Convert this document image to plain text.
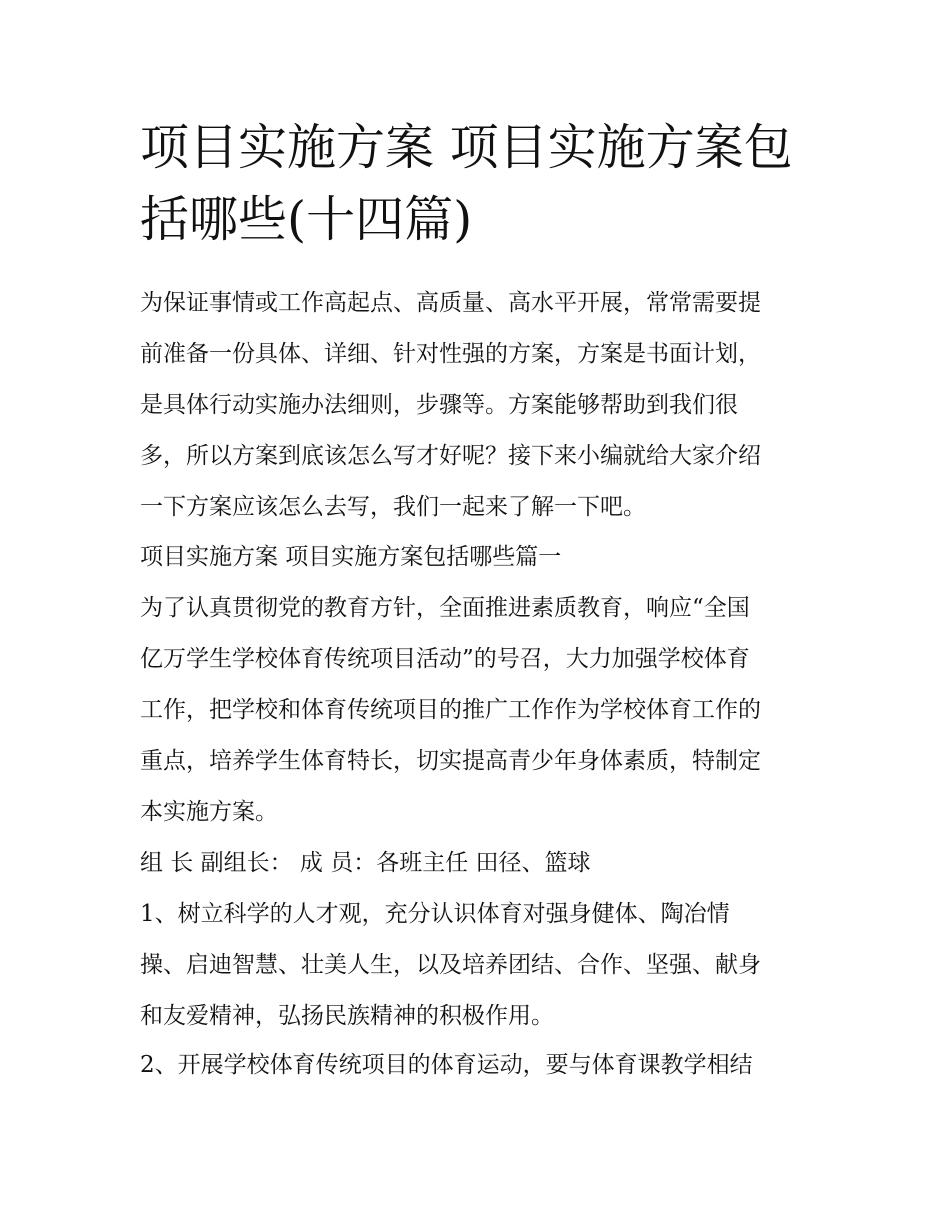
项目实施方案 项目实施方案包
括哪些(十四篇)

为保证事情或工作高起点、高质量、高水平开展，常常需要提
前准备一份具体、详细、针对性强的方案，方案是书面计划，
是具体行动实施办法细则，步骤等。方案能够帮助到我们很
多，所以方案到底该怎么写才好呢？接下来小编就给大家介绍
一下方案应该怎么去写，我们一起来了解一下吧。

项目实施方案 项目实施方案包括哪些篇一
为了认真贯彻党的教育方针，全面推进素质教育，响应“全国
亿万学生学校体育传统项目活动”的号召，大力加强学校体育
工作，把学校和体育传统项目的推广工作作为学校体育工作的
重点，培养学生体育特长，切实提高青少年身体素质，特制定
本实施方案。

组 长 副组长： 成 员：各班主任 田径、篮球

1、树立科学的人才观，充分认识体育对强身健体、陶冶情
操、启迪智慧、壮美人生，以及培养团结、合作、坚强、献身
和友爱精神，弘扬民族精神的积极作用。

2、开展学校体育传统项目的体育运动，要与体育课教学相结
